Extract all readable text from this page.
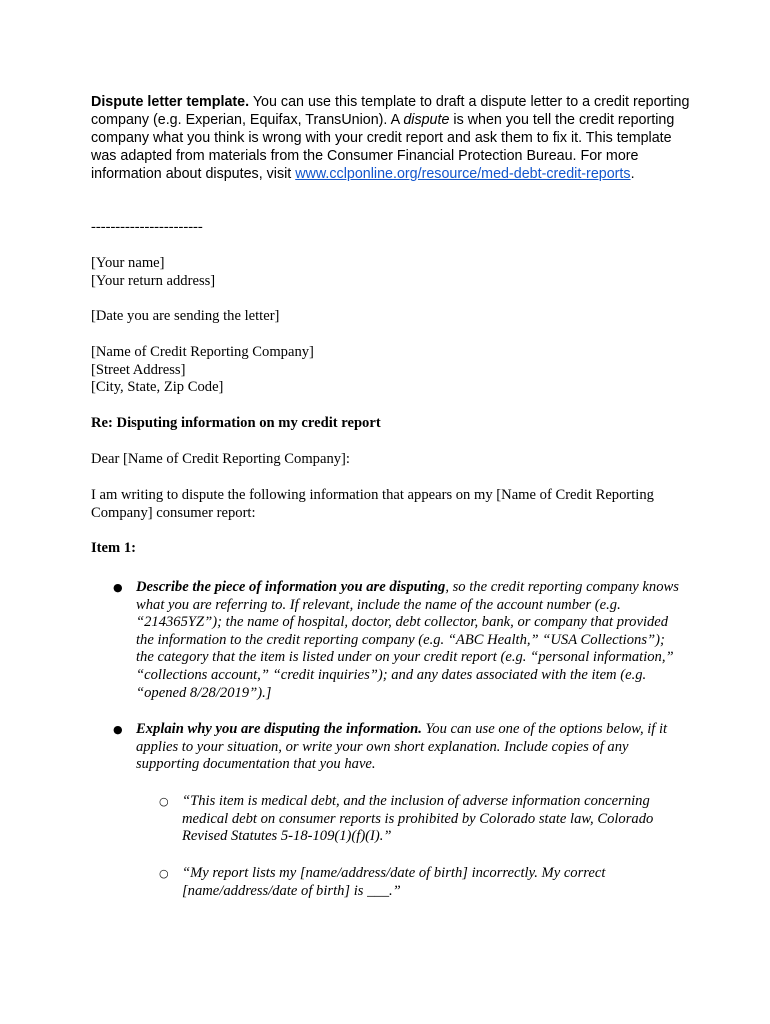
Dispute letter template. You can use this template to draft a dispute letter to a credit reporting company (e.g. Experian, Equifax, TransUnion). A dispute is when you tell the credit reporting company what you think is wrong with your credit report and ask them to fix it. This template was adapted from materials from the Consumer Financial Protection Bureau. For more information about disputes, visit www.cclponline.org/resource/med-debt-credit-reports.

-----------------------
[Your name]
[Your return address]
[Date you are sending the letter]
[Name of Credit Reporting Company]
[Street Address]
[City, State, Zip Code]
Re: Disputing information on my credit report
Dear [Name of Credit Reporting Company]:
I am writing to dispute the following information that appears on my [Name of Credit Reporting Company] consumer report:
Item 1:
● Describe the piece of information you are disputing, so the credit reporting company knows what you are referring to. If relevant, include the name of the account number (e.g. “214365YZ”); the name of hospital, doctor, debt collector, bank, or company that provided the information to the credit reporting company (e.g. “ABC Health,” “USA Collections”); the category that the item is listed under on your credit report (e.g. “personal information,” “collections account,” “credit inquiries”); and any dates associated with the item (e.g. “opened 8/28/2019”).]
● Explain why you are disputing the information. You can use one of the options below, if it applies to your situation, or write your own short explanation. Include copies of any supporting documentation that you have.
○ “This item is medical debt, and the inclusion of adverse information concerning medical debt on consumer reports is prohibited by Colorado state law, Colorado Revised Statutes 5-18-109(1)(f)(I).”
○ “My report lists my [name/address/date of birth] incorrectly. My correct [name/address/date of birth] is ___.”
